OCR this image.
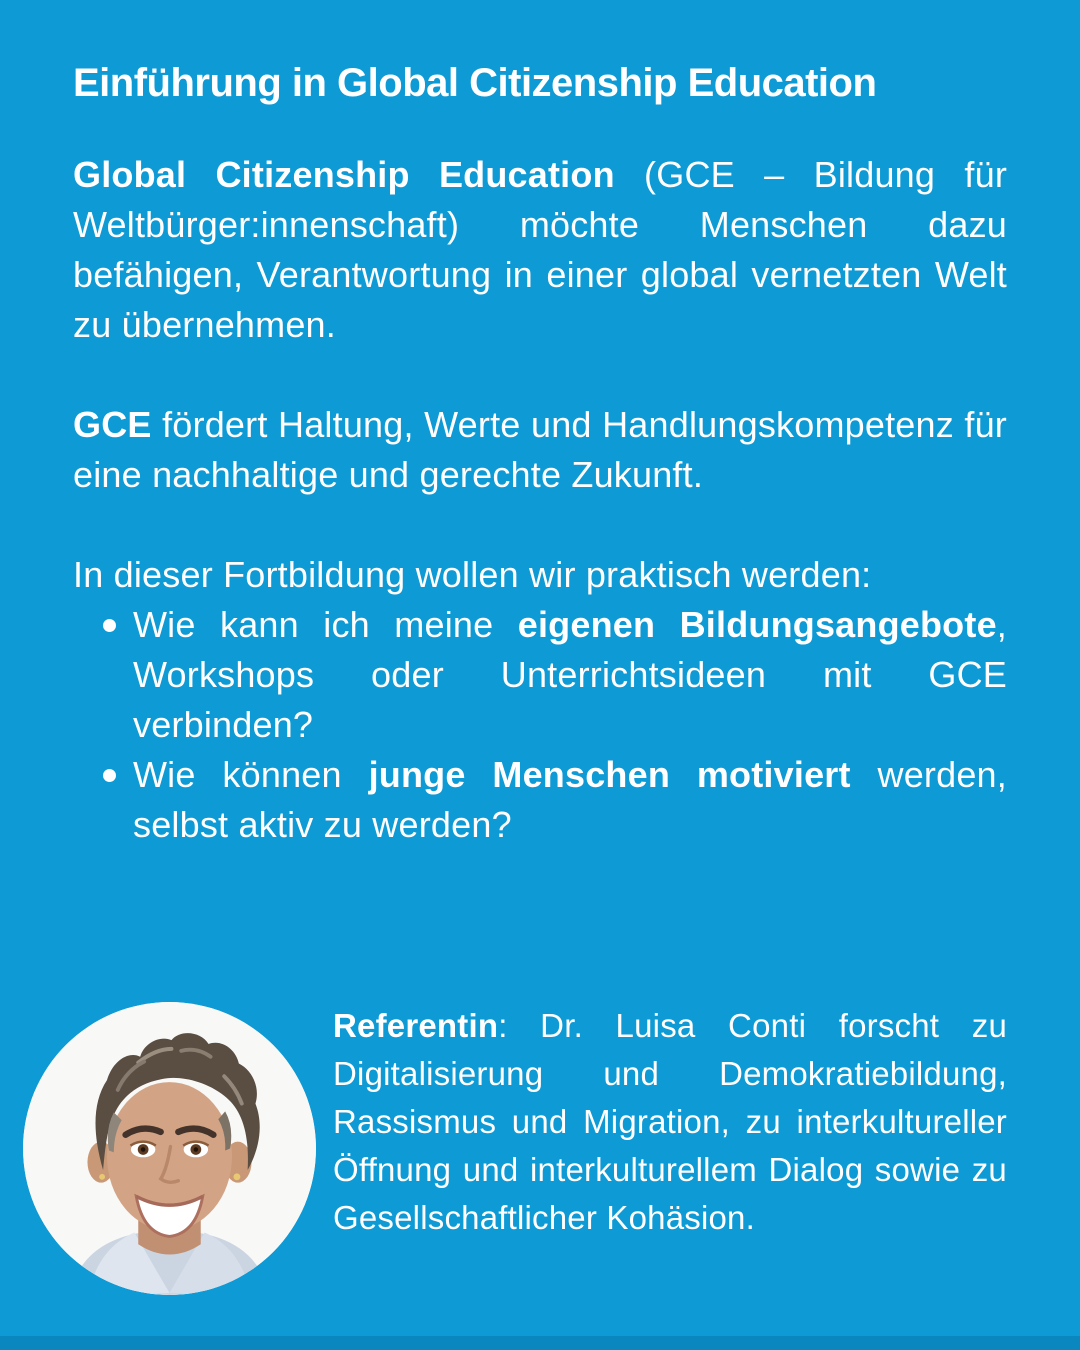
Einführung in Global Citizenship Education

Global Citizenship Education (GCE – Bildung für Weltbürger:innenschaft) möchte Menschen dazu befähigen, Verantwortung in einer global vernetzten Welt zu übernehmen.

GCE fördert Haltung, Werte und Handlungskompetenz für eine nachhaltige und gerechte Zukunft.

In dieser Fortbildung wollen wir praktisch werden:

Wie kann ich meine eigenen Bildungsangebote, Workshops oder Unterrichtsideen mit GCE verbinden?
Wie können junge Menschen motiviert werden, selbst aktiv zu werden?

Referentin: Dr. Luisa Conti forscht zu Digitalisierung und Demokratiebildung, Rassismus und Migration, zu interkultureller Öffnung und interkulturellem Dialog sowie zu Gesellschaftlicher Kohäsion.
